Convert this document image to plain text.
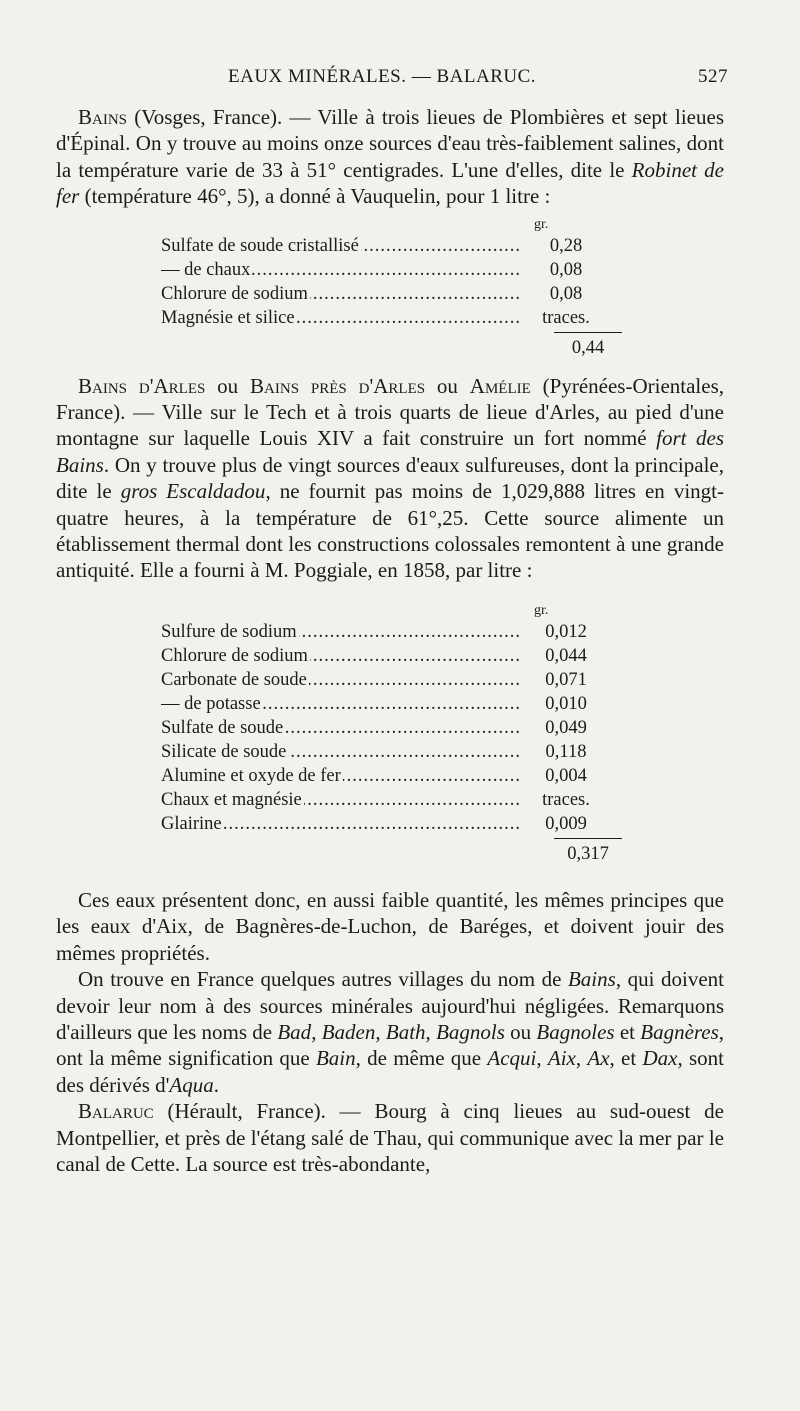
EAUX MINÉRALES. — BALARUC.	527

Bains (Vosges, France). — Ville à trois lieues de Plombières et sept lieues d'Épinal. On y trouve au moins onze sources d'eau très-faiblement salines, dont la température varie de 33 à 51° centigrades. L'une d'elles, dite le Robinet de fer (température 46°, 5), a donné à Vauquelin, pour 1 litre :

gr.
Sulfate de soude cristallisé .....	0,28
— de chaux .....	0,08
Chlorure de sodium .....	0,08
Magnésie et silice .....	traces.
0,44

Bains d'Arles ou Bains près d'Arles ou Amélie (Pyrénées-Orientales, France). — Ville sur le Tech et à trois quarts de lieue d'Arles, au pied d'une montagne sur laquelle Louis XIV a fait construire un fort nommé fort des Bains. On y trouve plus de vingt sources d'eaux sulfureuses, dont la principale, dite le gros Escaldadou, ne fournit pas moins de 1,029,888 litres en vingt-quatre heures, à la température de 61°,25. Cette source alimente un établissement thermal dont les constructions colossales remontent à une grande antiquité. Elle a fourni à M. Poggiale, en 1858, par litre :

gr.
Sulfure de sodium .....	0,012
Chlorure de sodium .....	0,044
Carbonate de soude .....	0,071
— de potasse .....	0,010
Sulfate de soude .....	0,049
Silicate de soude .....	0,118
Alumine et oxyde de fer .....	0,004
Chaux et magnésie .....	traces.
Glairine .....	0,009
0,317

Ces eaux présentent donc, en aussi faible quantité, les mêmes principes que les eaux d'Aix, de Bagnères-de-Luchon, de Baréges, et doivent jouir des mêmes propriétés.

On trouve en France quelques autres villages du nom de Bains, qui doivent devoir leur nom à des sources minérales aujourd'hui négligées. Remarquons d'ailleurs que les noms de Bad, Baden, Bath, Bagnols ou Bagnoles et Bagnères, ont la même signification que Bain, de même que Acqui, Aix, Ax, et Dax, sont des dérivés d'Aqua.

Balaruc (Hérault, France). — Bourg à cinq lieues au sud-ouest de Montpellier, et près de l'étang salé de Thau, qui communique avec la mer par le canal de Cette. La source est très-abondante,
